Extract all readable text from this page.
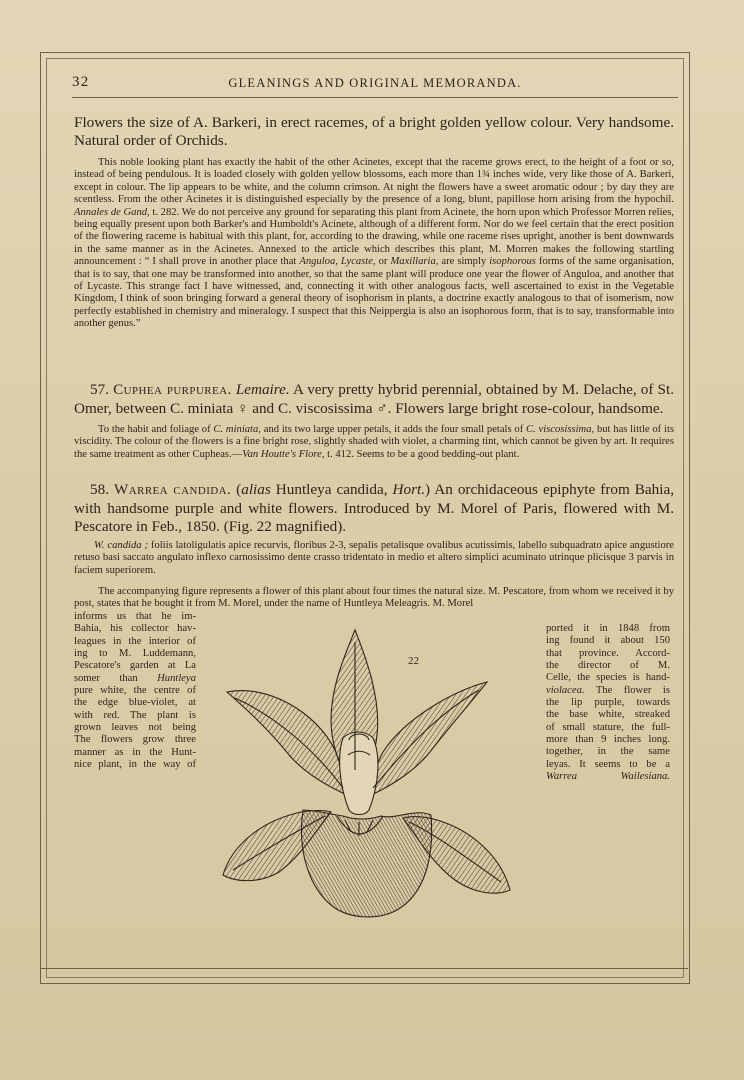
32	GLEANINGS AND ORIGINAL MEMORANDA.
Flowers the size of A. Barkeri, in erect racemes, of a bright golden yellow colour. Very handsome. Natural order of Orchids.
This noble looking plant has exactly the habit of the other Acinetes, except that the raceme grows erect, to the height of a foot or so, instead of being pendulous. It is loaded closely with golden yellow blossoms, each more than 1¾ inches wide, very like those of A. Barkeri, except in colour. The lip appears to be white, and the column crimson. At night the flowers have a sweet aromatic odour ; by day they are scentless. From the other Acinetes it is distinguished especially by the presence of a long, blunt, papillose horn arising from the hypochil. Annales de Gand, t. 282. We do not perceive any ground for separating this plant from Acinete, the horn upon which Professor Morren relies, being equally present upon both Barker's and Humboldt's Acinete, although of a different form. Nor do we feel certain that the erect position of the flowering raceme is habitual with this plant, for, according to the drawing, while one raceme rises upright, another is bent downwards in the same manner as in the Acinetes. Annexed to the article which describes this plant, M. Morren makes the following startling announcement : “ I shall prove in another place that Anguloa, Lycaste, or Maxillaria, are simply isophorous forms of the same organisation, that is to say, that one may be transformed into another, so that the same plant will produce one year the flower of Anguloa, and another that of Lycaste. This strange fact I have witnessed, and, connecting it with other analogous facts, well ascertained to exist in the Vegetable Kingdom, I think of soon bringing forward a general theory of isophorism in plants, a doctrine exactly analogous to that of isomerism, now perfectly established in chemistry and mineralogy. I suspect that this Neippergia is also an isophorous form, that is to say, transformable into another genus.”
57. Cuphea purpurea. Lemaire. A very pretty hybrid perennial, obtained by M. Delache, of St. Omer, between C. miniata ♀ and C. viscosissima ♂. Flowers large bright rose-colour, handsome.
To the habit and foliage of C. miniata, and its two large upper petals, it adds the four small petals of C. viscosissima, but has little of its viscidity. The colour of the flowers is a fine bright rose, slightly shaded with violet, a charming tint, which cannot be given by art. It requires the same treatment as other Cupheas.—Van Houtte's Flore, t. 412. Seems to be a good bedding-out plant.
58. Warrea candida. (alias Huntleya candida, Hort.) An orchidaceous epiphyte from Bahia, with handsome purple and white flowers. Introduced by M. Morel of Paris, flowered with M. Pescatore in Feb., 1850. (Fig. 22 magnified).
W. candida ; foliis latoligulatis apice recurvis, floribus 2-3, sepalis petalisque ovalibus acutissimis, labello subquadrato apice angustiore retuso basi saccato angulato inflexo carnosissimo dente crasso tridentato in medio et altero simplici acuminato utrinque plicisque 3 parvis in faciem superiorem.
The accompanying figure represents a flower of this plant about four times the natural size. M. Pescatore, from whom we received it by post, states that he bought it from M. Morel, under the name of Huntleya Meleagris. M. Morel
informs us that he im-
Bahia, his collector hav-
leagues in the interior of
ing to M. Luddemann,
Pescatore's garden at La
somer than Huntleya
pure white, the centre of
the edge blue-violet, at
with red. The plant is
grown leaves not being
The flowers grow three
manner as in the Hunt-
nice plant, in the way of
ported it in 1848 from
ing found it about 150
that province. Accord-
the director of M.
Celle, the species is hand-
violacea. The flower is
the lip purple, towards
the base white, streaked
of small stature, the full-
more than 9 inches long.
together, in the same
leyas. It seems to be a
Warrea Wailesiana.
22
